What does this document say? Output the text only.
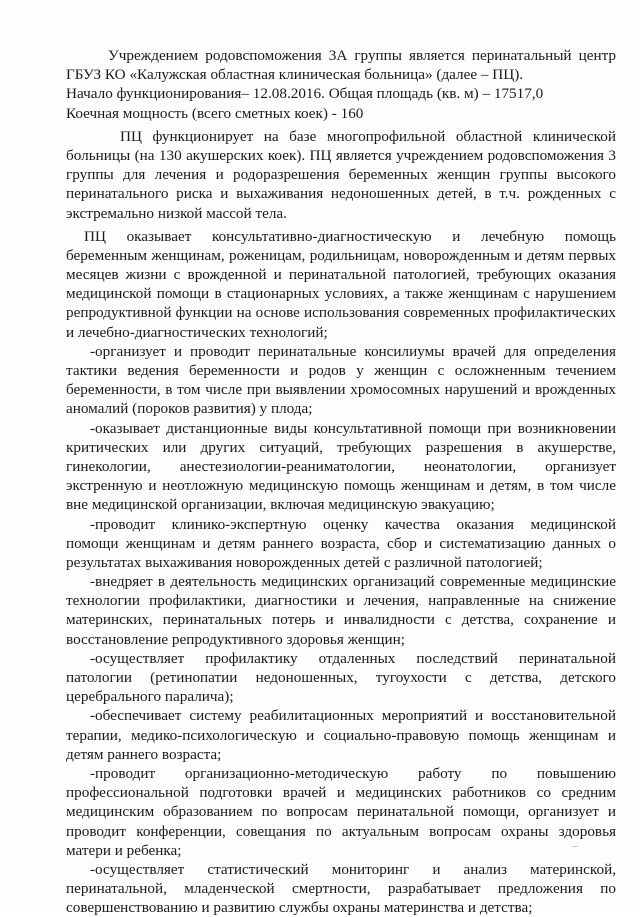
Учреждением родовспоможения 3А группы является перинатальный центр
ГБУЗ КО «Калужская областная клиническая больница» (далее – ПЦ).
Начало функционирования– 12.08.2016. Общая площадь (кв. м) – 17517,0
Коечная мощность (всего сметных коек) - 160
ПЦ функционирует на базе многопрофильной областной клинической
больницы (на 130 акушерских коек). ПЦ является учреждением родовспоможения 3
группы для лечения и родоразрешения беременных женщин группы высокого
перинатального риска и выхаживания недоношенных детей, в т.ч. рожденных с
экстремально низкой массой тела.
ПЦ оказывает консультативно-диагностическую и лечебную помощь
беременным женщинам, роженицам, родильницам, новорожденным и детям первых
месяцев жизни с врожденной и перинатальной патологией, требующих оказания
медицинской помощи в стационарных условиях, а также женщинам с нарушением
репродуктивной функции на основе использования современных профилактических
и лечебно-диагностических технологий;
-организует и проводит перинатальные консилиумы врачей для определения
тактики ведения беременности и родов у женщин с осложненным течением
беременности, в том числе при выявлении хромосомных нарушений и врожденных
аномалий (пороков развития) у плода;
-оказывает дистанционные виды консультативной помощи при возникновении
критических или других ситуаций, требующих разрешения в акушерстве,
гинекологии, анестезиологии-реаниматологии, неонатологии, организует
экстренную и неотложную медицинскую помощь женщинам и детям, в том числе
вне медицинской организации, включая медицинскую эвакуацию;
-проводит клинико-экспертную оценку качества оказания медицинской
помощи женщинам и детям раннего возраста, сбор и систематизацию данных о
результатах выхаживания новорожденных детей с различной патологией;
-внедряет в деятельность медицинских организаций современные медицинские
технологии профилактики, диагностики и лечения, направленные на снижение
материнских, перинатальных потерь и инвалидности с детства, сохранение и
восстановление репродуктивного здоровья женщин;
-осуществляет профилактику отдаленных последствий перинатальной
патологии (ретинопатии недоношенных, тугоухости с детства, детского
церебрального паралича);
-обеспечивает систему реабилитационных мероприятий и восстановительной
терапии, медико-психологическую и социально-правовую помощь женщинам и
детям раннего возраста;
-проводит организационно-методическую работу по повышению
профессиональной подготовки врачей и медицинских работников со средним
медицинским образованием по вопросам перинатальной помощи, организует и
проводит конференции, совещания по актуальным вопросам охраны здоровья
матери и ребенка;
-осуществляет статистический мониторинг и анализ материнской,
перинатальной, младенческой смертности, разрабатывает предложения по
совершенствованию и развитию службы охраны материнства и детства;
